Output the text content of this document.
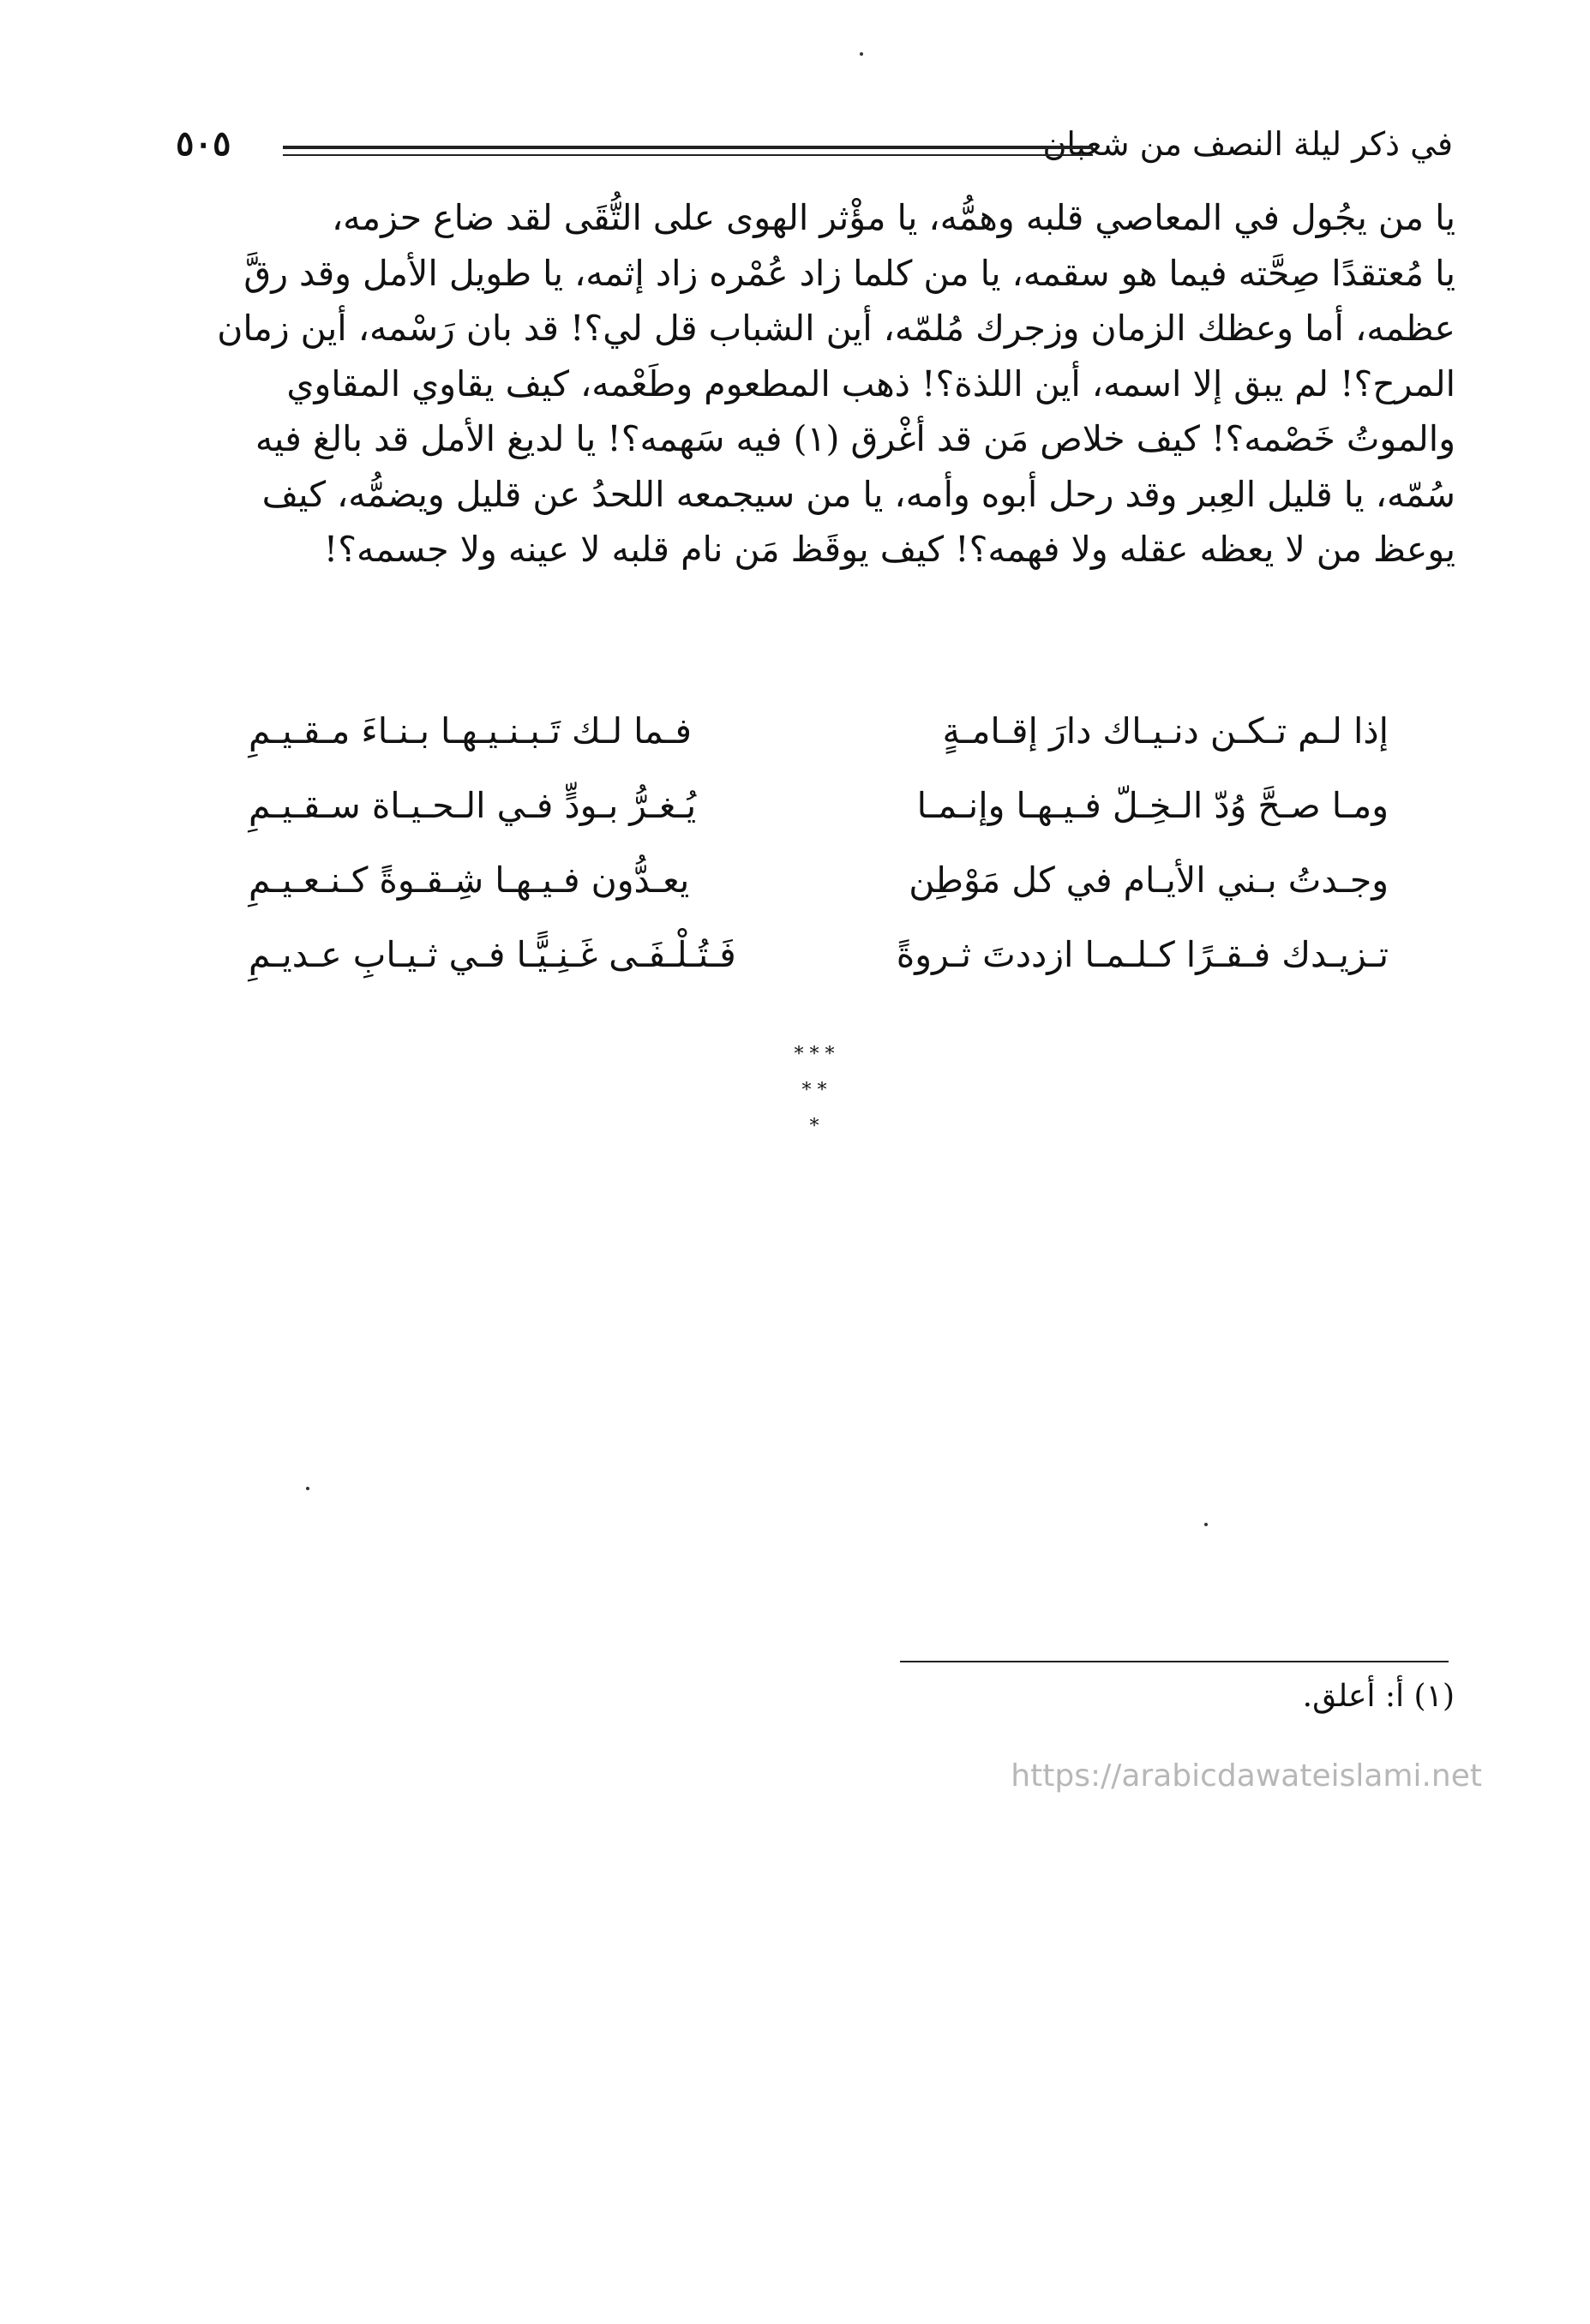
في ذكر ليلة النصف من شعبان
٥٠٥
يا من يجُول في المعاصي قلبه وهمُّه، يا مؤْثر الهوى على التُّقَى لقد ضاع حزمه،
يا مُعتقدًا صِحَّته فيما هو سقمه، يا من كلما زاد عُمْره زاد إثمه، يا طويل الأمل وقد رقَّ
عظمه، أما وعظك الزمان وزجرك مُلمّه، أين الشباب قل لي؟! قد بان رَسْمه، أين زمان
المرح؟! لم يبق إلا اسمه، أين اللذة؟! ذهب المطعوم وطَعْمه، كيف يقاوي المقاوي
والموتُ خَصْمه؟! كيف خلاص مَن قد أغْرق (١) فيه سَهمه؟! يا لديغ الأمل قد بالغ فيه
سُمّه، يا قليل العِبر وقد رحل أبوه وأمه، يا من سيجمعه اللحدُ عن قليل ويضمُّه، كيف
يوعظ من لا يعظه عقله ولا فهمه؟! كيف يوقَظ مَن نام قلبه لا عينه ولا جسمه؟!
إذا لـم تـكـن دنـيـاك دارَ إقـامـةٍ
فـما لـك تَـبـنـيـهـا بـنـاءَ مـقـيـمِ
ومـا صـحَّ وُدّ الـخِـلّ فـيـهـا وإنـمـا
يُـغـرُّ بـودٍّ فـي الـحـيـاة سـقـيـمِ
وجـدتُ بـني الأيـام في كل مَوْطِن
يعـدُّون فـيـهـا شِـقـوةً كـنـعـيـمِ
تـزيـدك فـقـرًا كـلـمـا ازددتَ ثـروةً
فَـتُـلْـفَـى غَـنِـيًّـا فـي ثـيـابِ عـديـمِ
* * *
* *
*
(١) أ: أعلق.
https://arabicdawateislami.net
